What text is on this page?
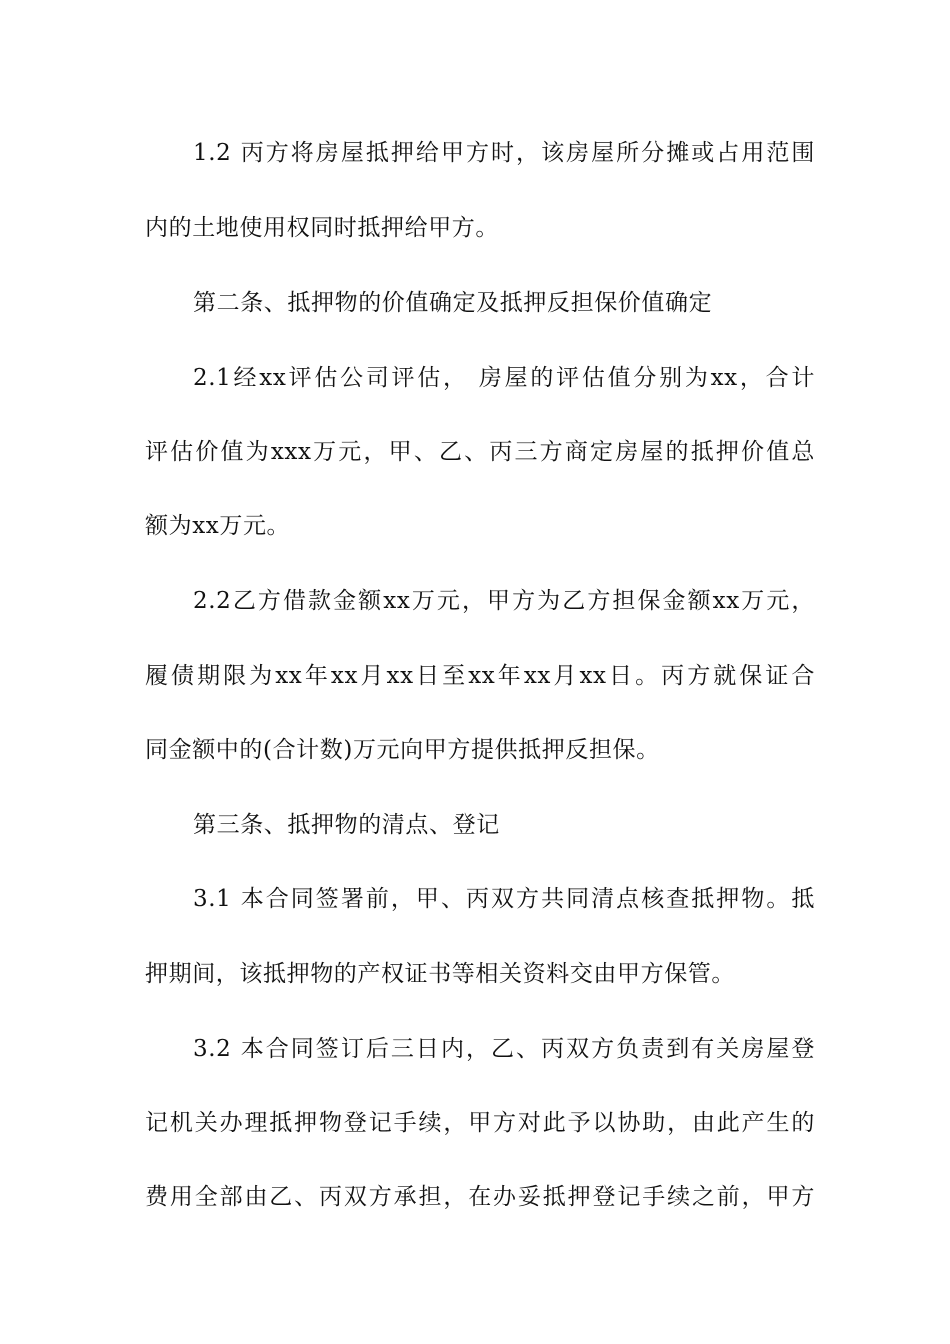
1.2 丙方将房屋抵押给甲方时，该房屋所分摊或占用范围
内的土地使用权同时抵押给甲方。
第二条、抵押物的价值确定及抵押反担保价值确定
2.1经xx评估公司评估， 房屋的评估值分别为xx，合计
评估价值为xxx万元，甲、乙、丙三方商定房屋的抵押价值总
额为xx万元。
2.2乙方借款金额xx万元，甲方为乙方担保金额xx万元，
履债期限为xx年xx月xx日至xx年xx月xx日。丙方就保证合
同金额中的(合计数)万元向甲方提供抵押反担保。
第三条、抵押物的清点、登记
3.1 本合同签署前，甲、丙双方共同清点核查抵押物。抵
押期间，该抵押物的产权证书等相关资料交由甲方保管。
3.2 本合同签订后三日内，乙、丙双方负责到有关房屋登
记机关办理抵押物登记手续，甲方对此予以协助，由此产生的
费用全部由乙、丙双方承担，在办妥抵押登记手续之前，甲方
